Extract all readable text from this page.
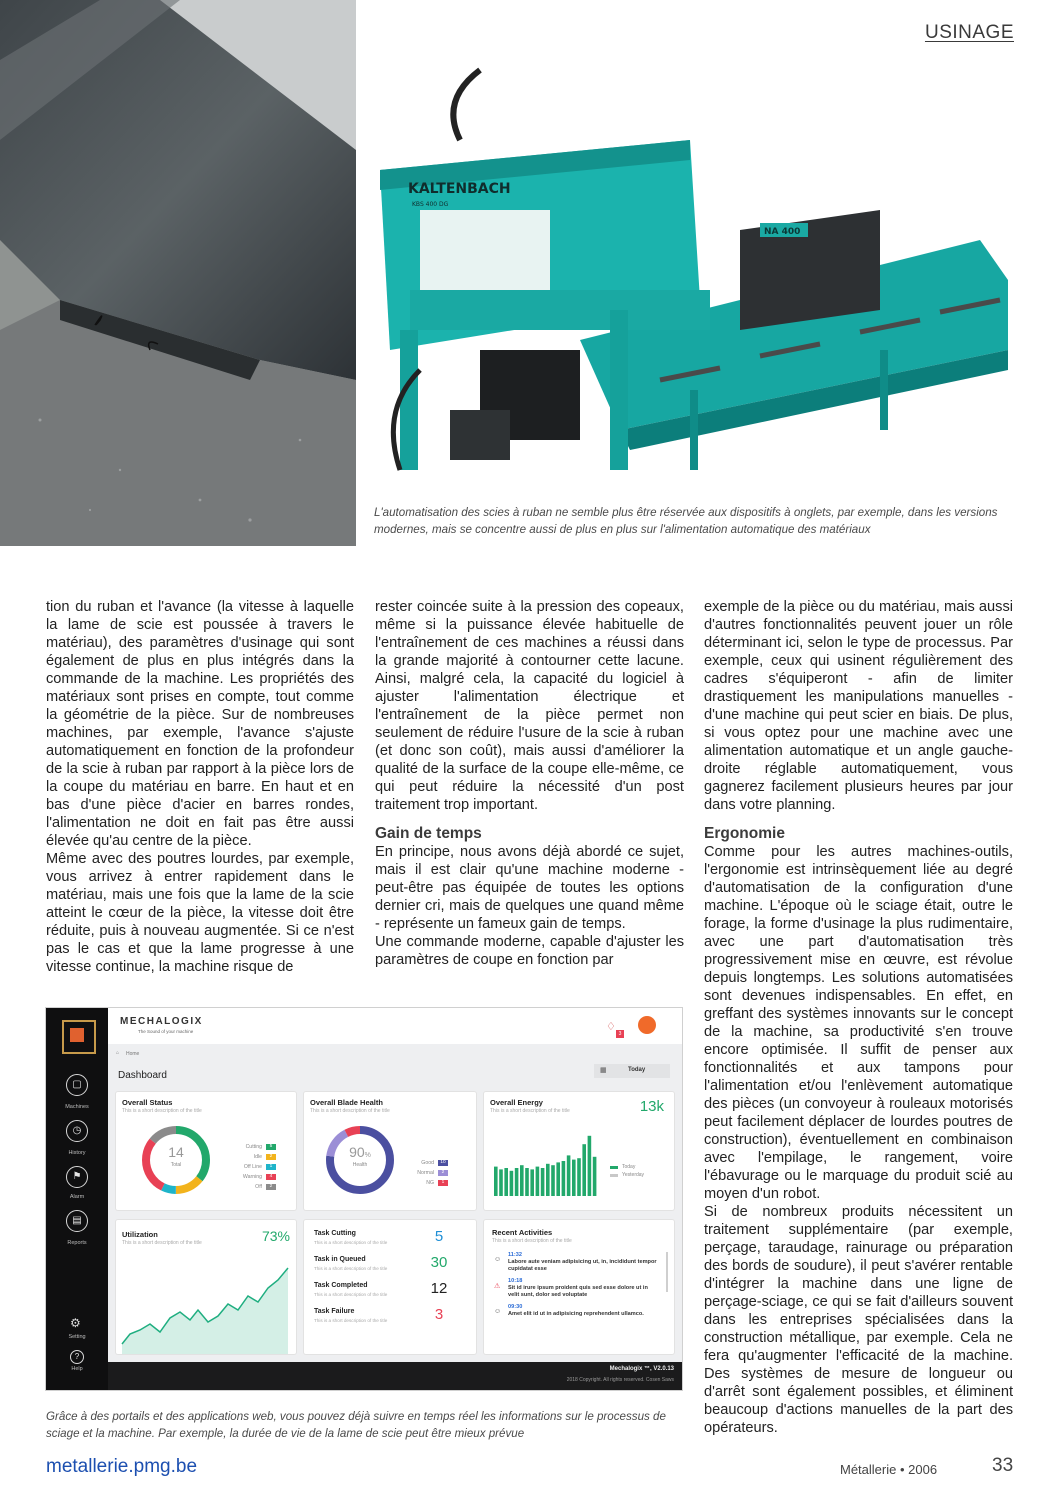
USINAGE
KALTENBACH
KBS 400 DG
NA 400
L'automatisation des scies à ruban ne semble plus être réservée aux dispositifs à onglets, par exemple, dans les versions modernes, mais se concentre aussi de plus en plus sur l'alimentation automatique des matériaux

tion du ruban et l'avance (la vitesse à laquelle la lame de scie est poussée à travers le matériau), des paramètres d'usinage qui sont également de plus en plus intégrés dans la commande de la machine. Les propriétés des matériaux sont prises en compte, tout comme la géométrie de la pièce. Sur de nombreuses machines, par exemple, l'avance s'ajuste automatiquement en fonction de la profondeur de la scie à ruban par rapport à la pièce lors de la coupe du matériau en barre. En haut et en bas d'une pièce d'acier en barres rondes, l'alimentation ne doit en fait pas être aussi élevée qu'au centre de la pièce.

Même avec des poutres lourdes, par exemple, vous arrivez à entrer rapidement dans le matériau, mais une fois que la lame de la scie atteint le cœur de la pièce, la vitesse doit être réduite, puis à nouveau augmentée. Si ce n'est pas le cas et que la lame progresse à une vitesse continue, la machine risque de

rester coincée suite à la pression des copeaux, même si la puissance élevée habituelle de l'entraînement de ces machines a réussi dans la grande majorité à contourner cette lacune. Ainsi, malgré cela, la capacité du logiciel à ajuster l'alimentation électrique et l'entraînement de la pièce permet non seulement de réduire l'usure de la scie à ruban (et donc son coût), mais aussi d'améliorer la qualité de la surface de la coupe elle-même, ce qui peut réduire la nécessité d'un post traitement trop important.

Gain de temps

En principe, nous avons déjà abordé ce sujet, mais il est clair qu'une machine moderne - peut-être pas équipée de toutes les options dernier cri, mais de quelques une quand même - représente un fameux gain de temps.

Une commande moderne, capable d'ajuster les paramètres de coupe en fonction par

exemple de la pièce ou du matériau, mais aussi d'autres fonctionnalités peuvent jouer un rôle déterminant ici, selon le type de processus. Par exemple, ceux qui usinent régulièrement des cadres s'équiperont - afin de limiter drastiquement les manipulations manuelles - d'une machine qui peut scier en biais. De plus, si vous optez pour une machine avec une alimentation automatique et un angle gauche-droite réglable automatiquement, vous gagnerez facilement plusieurs heures par jour dans votre planning.

Ergonomie

Comme pour les autres machines-outils, l'ergonomie est intrinsèquement liée au degré d'automatisation de la configuration d'une machine. L'époque où le sciage était, outre le forage, la forme d'usinage la plus rudimentaire, avec une part d'automatisation très progressivement mise en œuvre, est révolue depuis longtemps. Les solutions automatisées sont devenues indispensables. En effet, en greffant des systèmes innovants sur le concept de la machine, sa productivité s'en trouve encore optimisée. Il suffit de penser aux fonctionnalités et aux tampons pour l'alimentation et/ou l'enlèvement automatique des pièces (un convoyeur à rouleaux motorisés peut facilement déplacer de lourdes poutres de construction), éventuellement en combinaison avec l'empilage, le rangement, voire l'ébavurage ou le marquage du produit scié au moyen d'un robot.

Si de nombreux produits nécessitent un traitement supplémentaire (par exemple, perçage, taraudage, rainurage ou préparation des bords de soudure), il peut s'avérer rentable d'intégrer la machine dans une ligne de perçage-sciage, ce qui se fait d'ailleurs souvent dans les entreprises spécialisées dans la construction métallique, par exemple. Cela ne fera qu'augmenter l'efficacité de la machine. Des systèmes de mesure de longueur ou d'arrêt sont également possibles, et éliminent beaucoup d'actions manuelles de la part des opérateurs.

▢
Machines
◷
History
⚑
Alarm
▤
Reports
⚙
Setting
?
Help
MECHALOGIX
The Sound of your machine	♢
3
⌂ Home
Dashboard	▦	Today
Overall Status
This is a short description of the title
14
Total
Cutting	5
Idle	2
Off Line	1
Warning	4
Off	2
Overall Blade Health
This is a short description of the title
90%
Health	Good	10
Normal	2
NG	1
Overall Energy
This is a short description of the title	13k
Today
Yesterday
Utilization
This is a short description of the title	73%	Task Cutting
This is a short description of the title	5
Task in Queued
This is a short description of the title	30
Task Completed
This is a short description of the title	12
Task Failure
This is a short description of the title	3
Recent Activities
This is a short description of the title
☺
11:32
Labore aute veniam adipisicing ut, in, incididunt tempor cupidatat esse
⚠
10:18
Sit id irure ipsum proident quis sed esse dolore ut in velit sunt, dolor sed voluptate
☺
09:30
Amet elit id ut in adipisicing reprehendent ullamco.
Mechalogix ™, V2.0.13
2018 Copyright. All rights reserved. Cosen Saws
Grâce à des portails et des applications web, vous pouvez déjà suivre en temps réel les informations sur le processus de sciage et la machine. Par exemple, la durée de vie de la lame de scie peut être mieux prévue
metallerie.pmg.be	Métallerie • 2006	33
